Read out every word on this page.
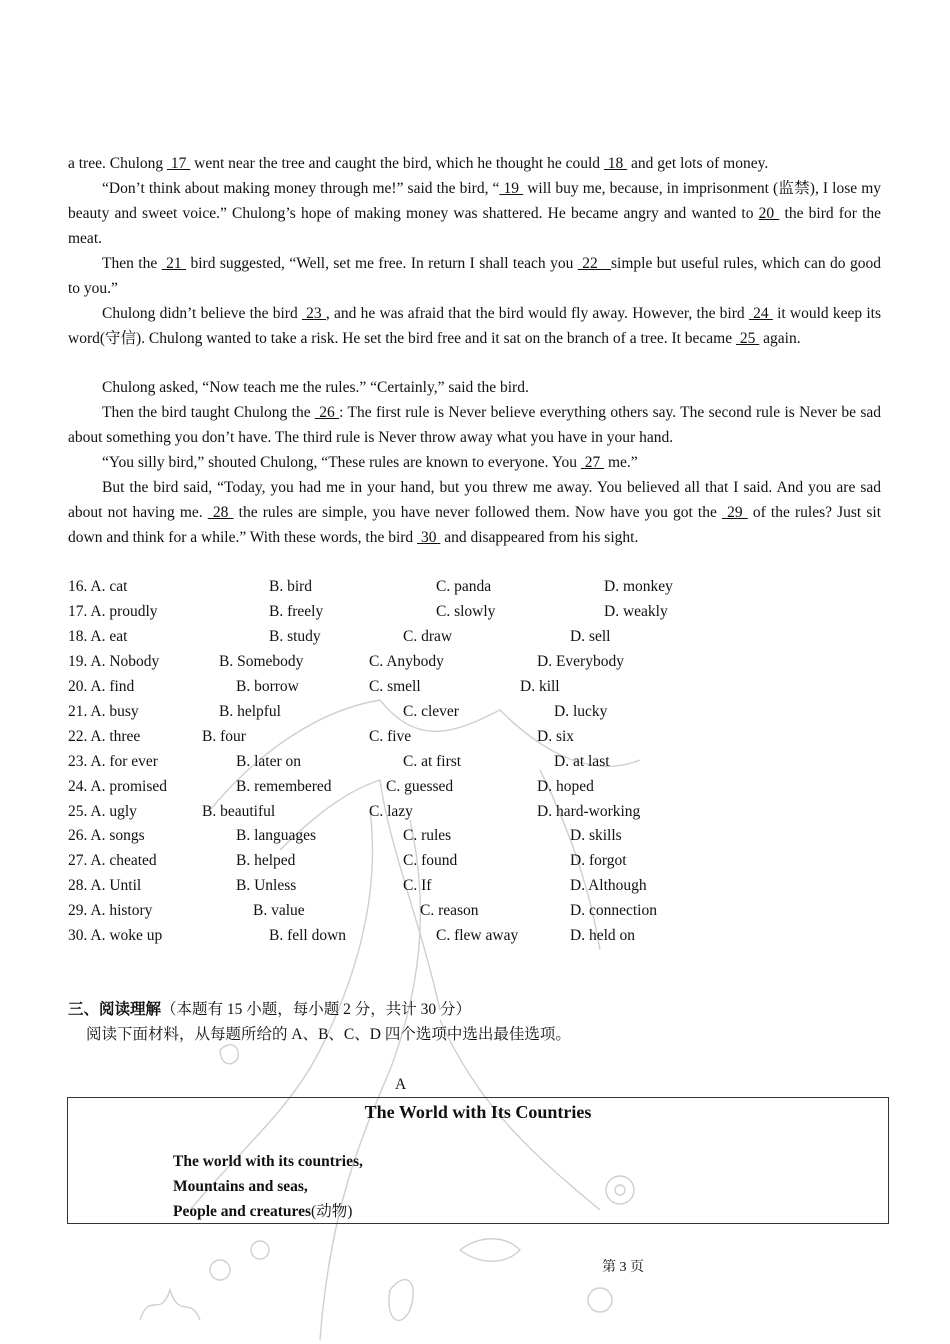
a tree. Chulong  17  went near the tree and caught the bird, which he thought he could  18  and get lots of money.
“Don’t think about making money through me!” said the bird, “ 19  will buy me, because, in imprisonment (监禁), I lose my beauty and sweet voice.” Chulong’s hope of making money was shattered. He became angry and wanted to 20  the bird for the meat.
Then the  21  bird suggested, “Well, set me free. In return I shall teach you  22   simple but useful rules, which can do good to you.”
Chulong didn’t believe the bird  23 , and he was afraid that the bird would fly away. However, the bird  24  it would keep its word(守信). Chulong wanted to take a risk. He set the bird free and it sat on the branch of a tree. It became  25  again.
Chulong asked, “Now teach me the rules.” “Certainly,” said the bird.
Then the bird taught Chulong the  26 : The first rule is Never believe everything others say. The second rule is Never be sad about something you don’t have. The third rule is Never throw away what you have in your hand.
“You silly bird,” shouted Chulong, “These rules are known to everyone. You  27  me.”
But the bird said, “Today, you had me in your hand, but you threw me away. You believed all that I said. And you are sad about not having me.  28  the rules are simple, you have never followed them. Now have you got the  29  of the rules? Just sit down and think for a while.” With these words, the bird  30  and disappeared from his sight.
16. A. cat	B. bird	C. panda	D. monkey
17. A. proudly	B. freely	C. slowly	D. weakly
18. A. eat	B. study	C. draw	D. sell
19. A. Nobody	B. Somebody	C. Anybody	D. Everybody
20. A. find	B. borrow	C. smell	D. kill
21. A. busy	B. helpful	C. clever	D. lucky
22. A. three	B. four	C. five	D. six
23. A. for ever	B. later on	C. at first	D. at last
24. A. promised	B. remembered	C. guessed	D. hoped
25. A. ugly	B. beautiful	C. lazy	D. hard-working
26. A. songs	B. languages	C. rules	D. skills
27. A. cheated	B. helped	C. found	D. forgot
28. A. Until	B. Unless	C. If	D. Although
29. A. history	B. value	C. reason	D. connection
30. A. woke up	B. fell down	C. flew away	D. held on
三、阅读理解（本题有 15 小题，每小题 2 分，共计 30 分）
阅读下面材料，从每题所给的 A、B、C、D 四个选项中选出最佳选项。
A
The World with Its Countries
The world with its countries,
Mountains and seas,
People and creatures(动物)
第 3 页
